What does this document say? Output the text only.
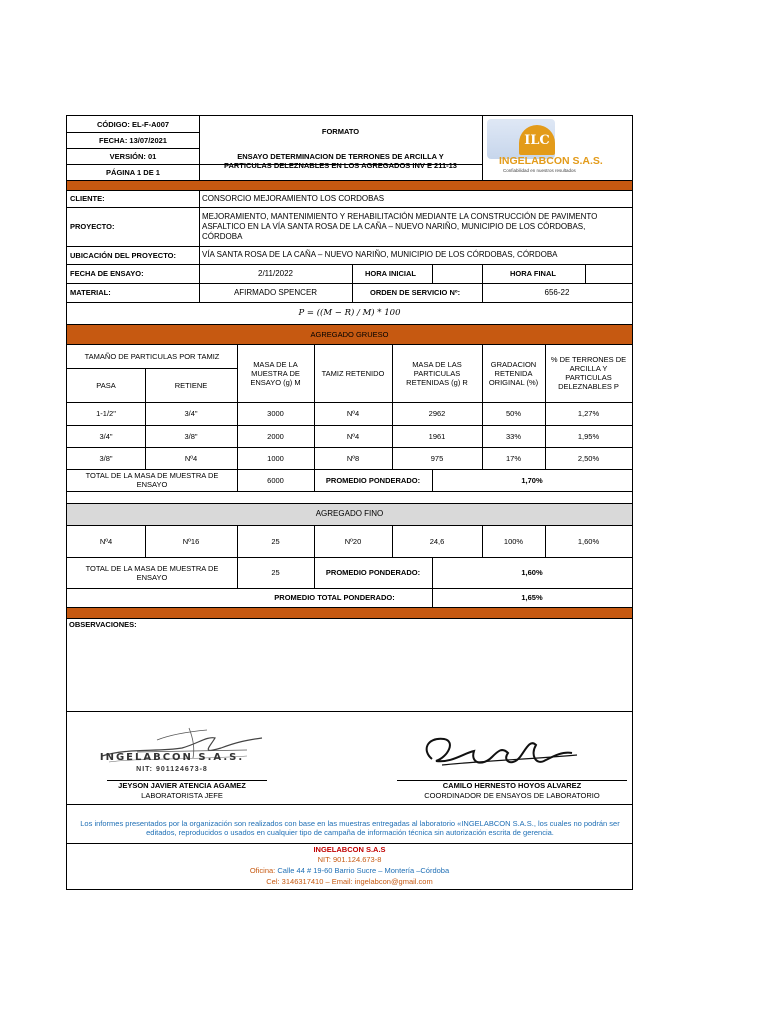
CÓDIGO: EL-F-A007
FECHA: 13/07/2021
VERSIÓN: 01
PÁGINA 1 DE 1
FORMATO
ENSAYO DETERMINACION DE TERRONES DE ARCILLA Y
PARTICULAS DELEZNABLES EN LOS AGREGADOS INV E 211-13
ILC
INGELABCON S.A.S.
Confiabilidad en nuestros resultados
CLIENTE:	CONSORCIO MEJORAMIENTO LOS CORDOBAS
PROYECTO:
MEJORAMIENTO, MANTENIMIENTO Y REHABILITACIÓN MEDIANTE LA CONSTRUCCIÓN DE PAVIMENTO ASFALTICO EN LA VÍA SANTA ROSA DE LA CAÑA – NUEVO NARIÑO, MUNICIPIO DE LOS CÓRDOBAS, CÓRDOBA
UBICACIÓN DEL PROYECTO:	VÍA SANTA ROSA DE LA CAÑA – NUEVO NARIÑO, MUNICIPIO DE LOS CÓRDOBAS, CÓRDOBA
FECHA DE ENSAYO:	2/11/2022	HORA INICIAL	HORA FINAL
MATERIAL:	AFIRMADO SPENCER	ORDEN DE SERVICIO Nº:	656-22
P = ((M − R) / M) * 100
AGREGADO GRUESO
TAMAÑO DE PARTICULAS POR TAMIZ
PASA	RETIENE
MASA DE LA MUESTRA DE ENSAYO (g) M
TAMIZ RETENIDO
MASA DE LAS PARTICULAS RETENIDAS (g) R
GRADACION RETENIDA ORIGINAL (%)
% DE TERRONES DE ARCILLA Y PARTICULAS DELEZNABLES P
1-1/2"	3/4"	3000	Nº4	2962	50%	1,27%
3/4"	3/8"	2000	Nº4	1961	33%	1,95%
3/8"	Nº4	1000	Nº8	975	17%	2,50%
TOTAL DE LA MASA DE MUESTRA DE ENSAYO	6000	PROMEDIO PONDERADO:	1,70%
AGREGADO FINO
Nº4	Nº16	25	Nº20	24,6	100%	1,60%
TOTAL DE LA MASA DE MUESTRA DE ENSAYO	25	PROMEDIO PONDERADO:	1,60%
PROMEDIO TOTAL PONDERADO:	1,65%
OBSERVACIONES:
INGELABCON S.A.S.
NIT: 901124673-8
JEYSON JAVIER ATENCIA AGAMEZ
LABORATORISTA JEFE
CAMILO HERNESTO HOYOS ALVAREZ
COORDINADOR DE ENSAYOS DE LABORATORIO
Los informes presentados por la organización son realizados con base en las muestras entregadas al laboratorio «INGELABCON S.A.S., los cuales no podrán ser editados, reproducidos o usados en cualquier tipo de campaña de información técnica sin autorización escrita de gerencia.
INGELABCON S.A.S
NIT: 901.124.673-8
Oficina: Calle 44 # 19-60 Barrio Sucre – Montería –Córdoba
Cel: 3146317410 – Email: ingelabcon@gmail.com
